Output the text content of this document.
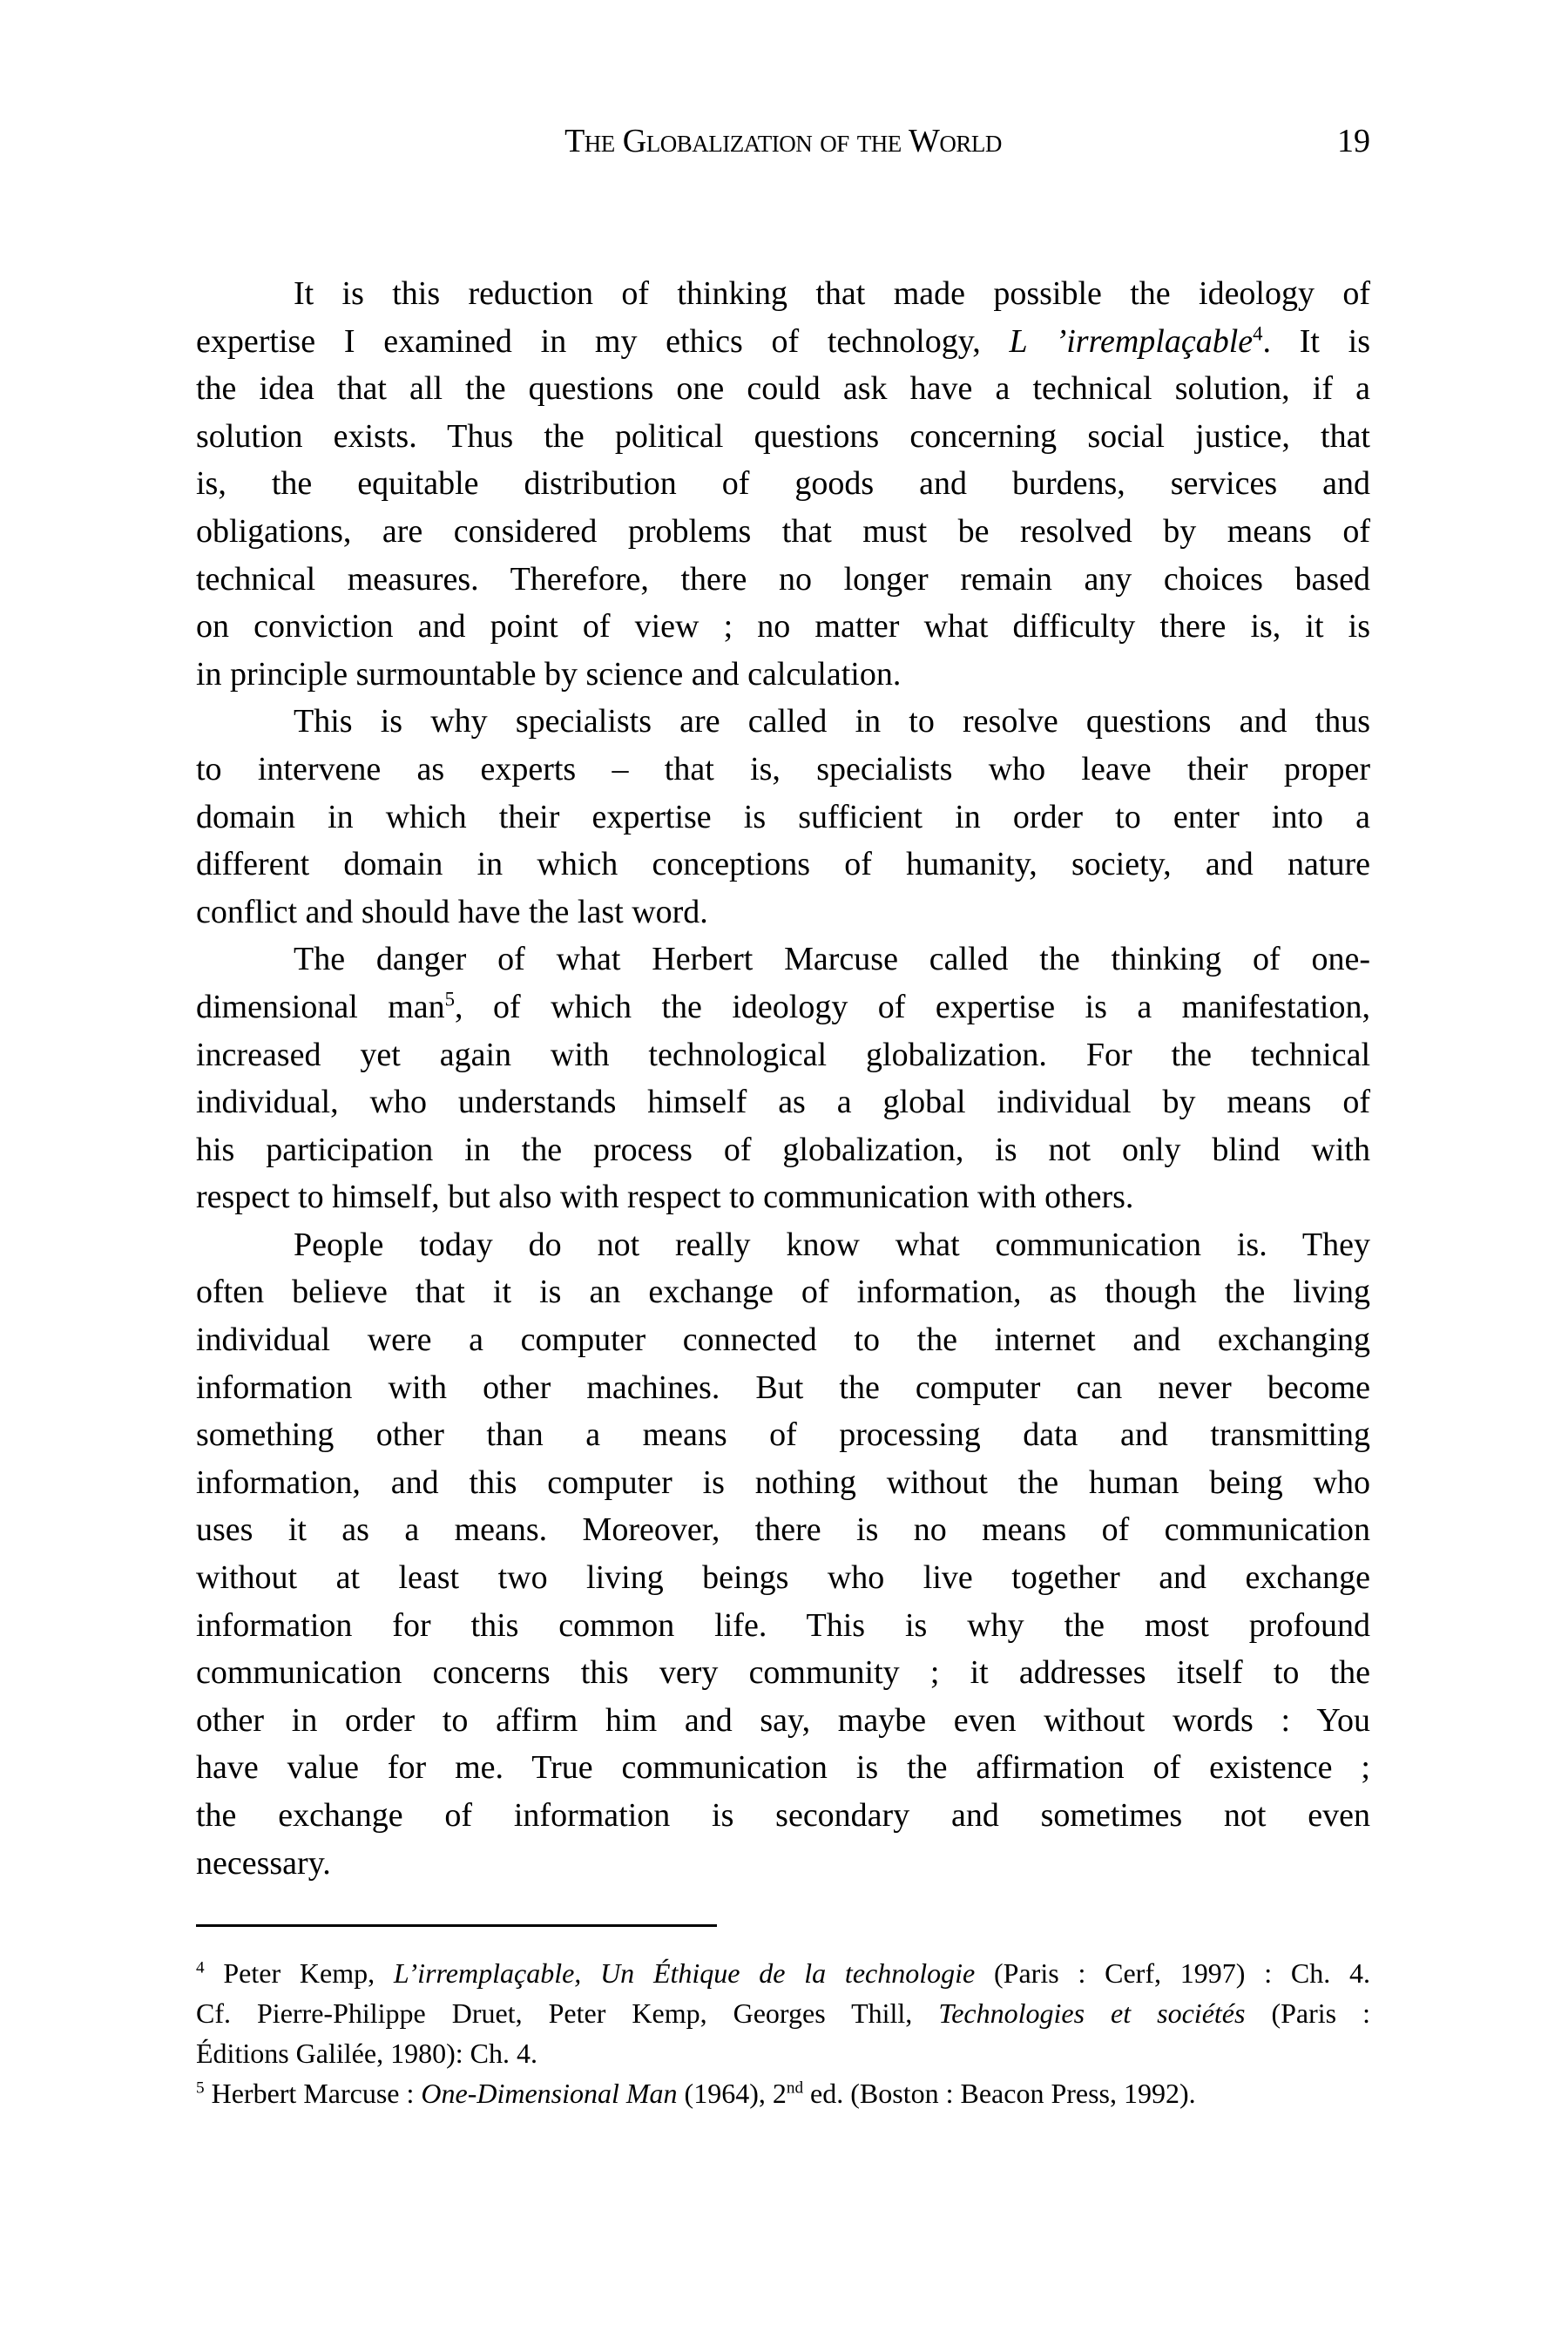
The Globalization of the World	19
It is this reduction of thinking that made possible the ideology of
expertise I examined in my ethics of technology, L ’irremplaçable$^4$. It is
the idea that all the questions one could ask have a technical solution, if a
solution exists. Thus the political questions concerning social justice, that
is, the equitable distribution of goods and burdens, services and
obligations, are considered problems that must be resolved by means of
technical measures. Therefore, there no longer remain any choices based
on conviction and point of view ; no matter what difficulty there is, it is
in principle surmountable by science and calculation.
This is why specialists are called in to resolve questions and thus
to intervene as experts – that is, specialists who leave their proper
domain in which their expertise is sufficient in order to enter into a
different domain in which conceptions of humanity, society, and nature
conflict and should have the last word.
The danger of what Herbert Marcuse called the thinking of one-
dimensional man$^5$, of which the ideology of expertise is a manifestation,
increased yet again with technological globalization. For the technical
individual, who understands himself as a global individual by means of
his participation in the process of globalization, is not only blind with
respect to himself, but also with respect to communication with others.
People today do not really know what communication is. They
often believe that it is an exchange of information, as though the living
individual were a computer connected to the internet and exchanging
information with other machines. But the computer can never become
something other than a means of processing data and transmitting
information, and this computer is nothing without the human being who
uses it as a means. Moreover, there is no means of communication
without at least two living beings who live together and exchange
information for this common life. This is why the most profound
communication concerns this very community ; it addresses itself to the
other in order to affirm him and say, maybe even without words : You
have value for me. True communication is the affirmation of existence ;
the exchange of information is secondary and sometimes not even
necessary.
$^4$ Peter Kemp, L’irremplaçable, Un Éthique de la technologie (Paris : Cerf, 1997) : Ch. 4.
Cf. Pierre-Philippe Druet, Peter Kemp, Georges Thill, Technologies et sociétés (Paris :
Éditions Galilée, 1980): Ch. 4.
$^5$ Herbert Marcuse : One-Dimensional Man (1964), 2nd ed. (Boston : Beacon Press, 1992).
